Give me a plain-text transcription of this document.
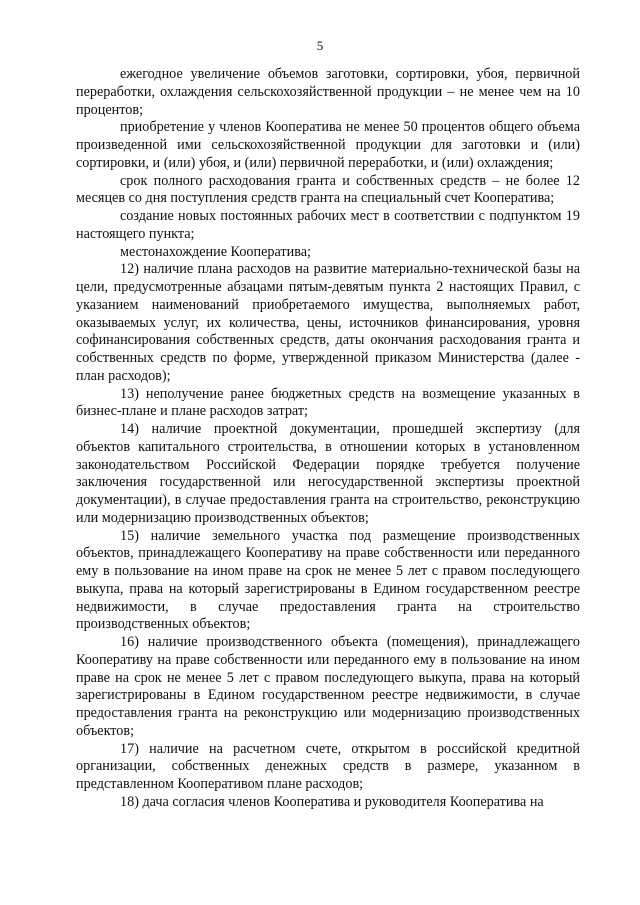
5

ежегодное увеличение объемов заготовки, сортировки, убоя, первичной переработки, охлаждения сельскохозяйственной продукции – не менее чем на 10 процентов;

приобретение у членов Кооператива не менее 50 процентов общего объема произведенной ими сельскохозяйственной продукции для заготовки и (или) сортировки, и (или) убоя, и (или) первичной переработки, и (или) охлаждения;

срок полного расходования гранта и собственных средств – не более 12 месяцев со дня поступления средств гранта на специальный счет Кооператива;

создание новых постоянных рабочих мест в соответствии с подпунктом 19 настоящего пункта;

местонахождение Кооператива;

12) наличие плана расходов на развитие материально-технической базы на цели, предусмотренные абзацами пятым-девятым пункта 2 настоящих Правил, с указанием наименований приобретаемого имущества, выполняемых работ, оказываемых услуг, их количества, цены, источников финансирования, уровня софинансирования собственных средств, даты окончания расходования гранта и собственных средств по форме, утвержденной приказом Министерства (далее - план расходов);

13) неполучение ранее бюджетных средств на возмещение указанных в бизнес-плане и плане расходов затрат;

14) наличие проектной документации, прошедшей экспертизу (для объектов капитального строительства, в отношении которых в установленном законодательством Российской Федерации порядке требуется получение заключения государственной или негосударственной экспертизы проектной документации), в случае предоставления гранта на строительство, реконструкцию или модернизацию производственных объектов;

15) наличие земельного участка под размещение производственных объектов, принадлежащего Кооперативу на праве собственности или переданного ему в пользование на ином праве на срок не менее 5 лет с правом последующего выкупа, права на который зарегистрированы в Едином государственном реестре недвижимости, в случае предоставления гранта на строительство производственных объектов;

16) наличие производственного объекта (помещения), принадлежащего Кооперативу на праве собственности или переданного ему в пользование на ином праве на срок не менее 5 лет с правом последующего выкупа, права на который зарегистрированы в Едином государственном реестре недвижимости, в случае предоставления гранта на реконструкцию или модернизацию производственных объектов;

17) наличие на расчетном счете, открытом в российской кредитной организации, собственных денежных средств в размере, указанном в представленном Кооперативом плане расходов;

18) дача согласия членов Кооператива и руководителя Кооператива на
